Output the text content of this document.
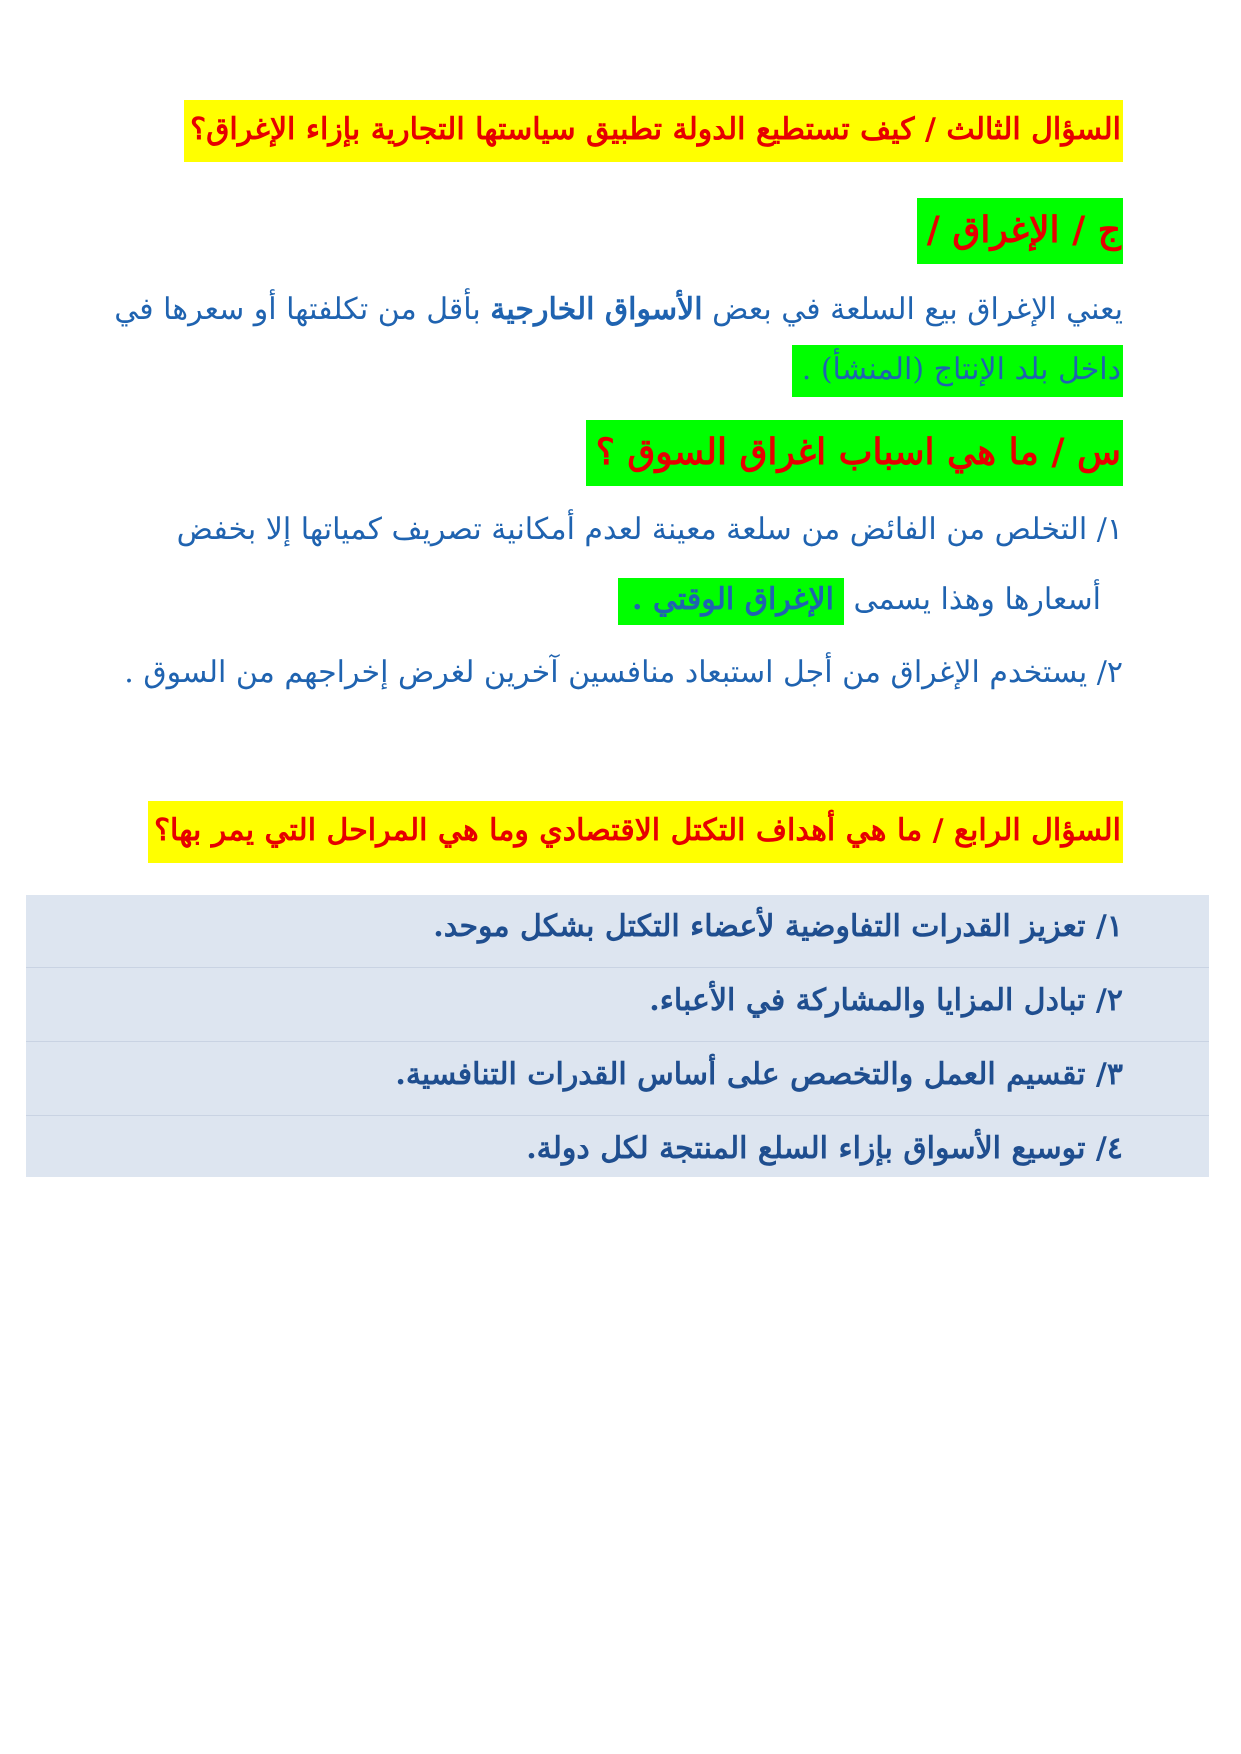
السؤال الثالث / كيف تستطيع الدولة تطبيق سياستها التجارية بإزاء الإغراق؟
ج / الإغراق /
يعني الإغراق بيع السلعة في بعض الأسواق الخارجية بأقل من تكلفتها أو سعرها في
داخل بلد الإنتاج (المنشأ) .
س / ما هي اسباب اغراق السوق ؟
١/ التخلص من الفائض من سلعة معينة لعدم أمكانية تصريف كمياتها إلا بخفض
أسعارها وهذا يسمى الإغراق الوقتي .
٢/ يستخدم الإغراق من أجل استبعاد منافسين آخرين لغرض إخراجهم من السوق .
السؤال الرابع / ما هي أهداف التكتل الاقتصادي وما هي المراحل التي يمر بها؟
١/ تعزيز القدرات التفاوضية لأعضاء التكتل بشكل موحد.
٢/ تبادل المزايا والمشاركة في الأعباء.
٣/ تقسيم العمل والتخصص على أساس القدرات التنافسية.
٤/ توسيع الأسواق بإزاء السلع المنتجة لكل دولة.
